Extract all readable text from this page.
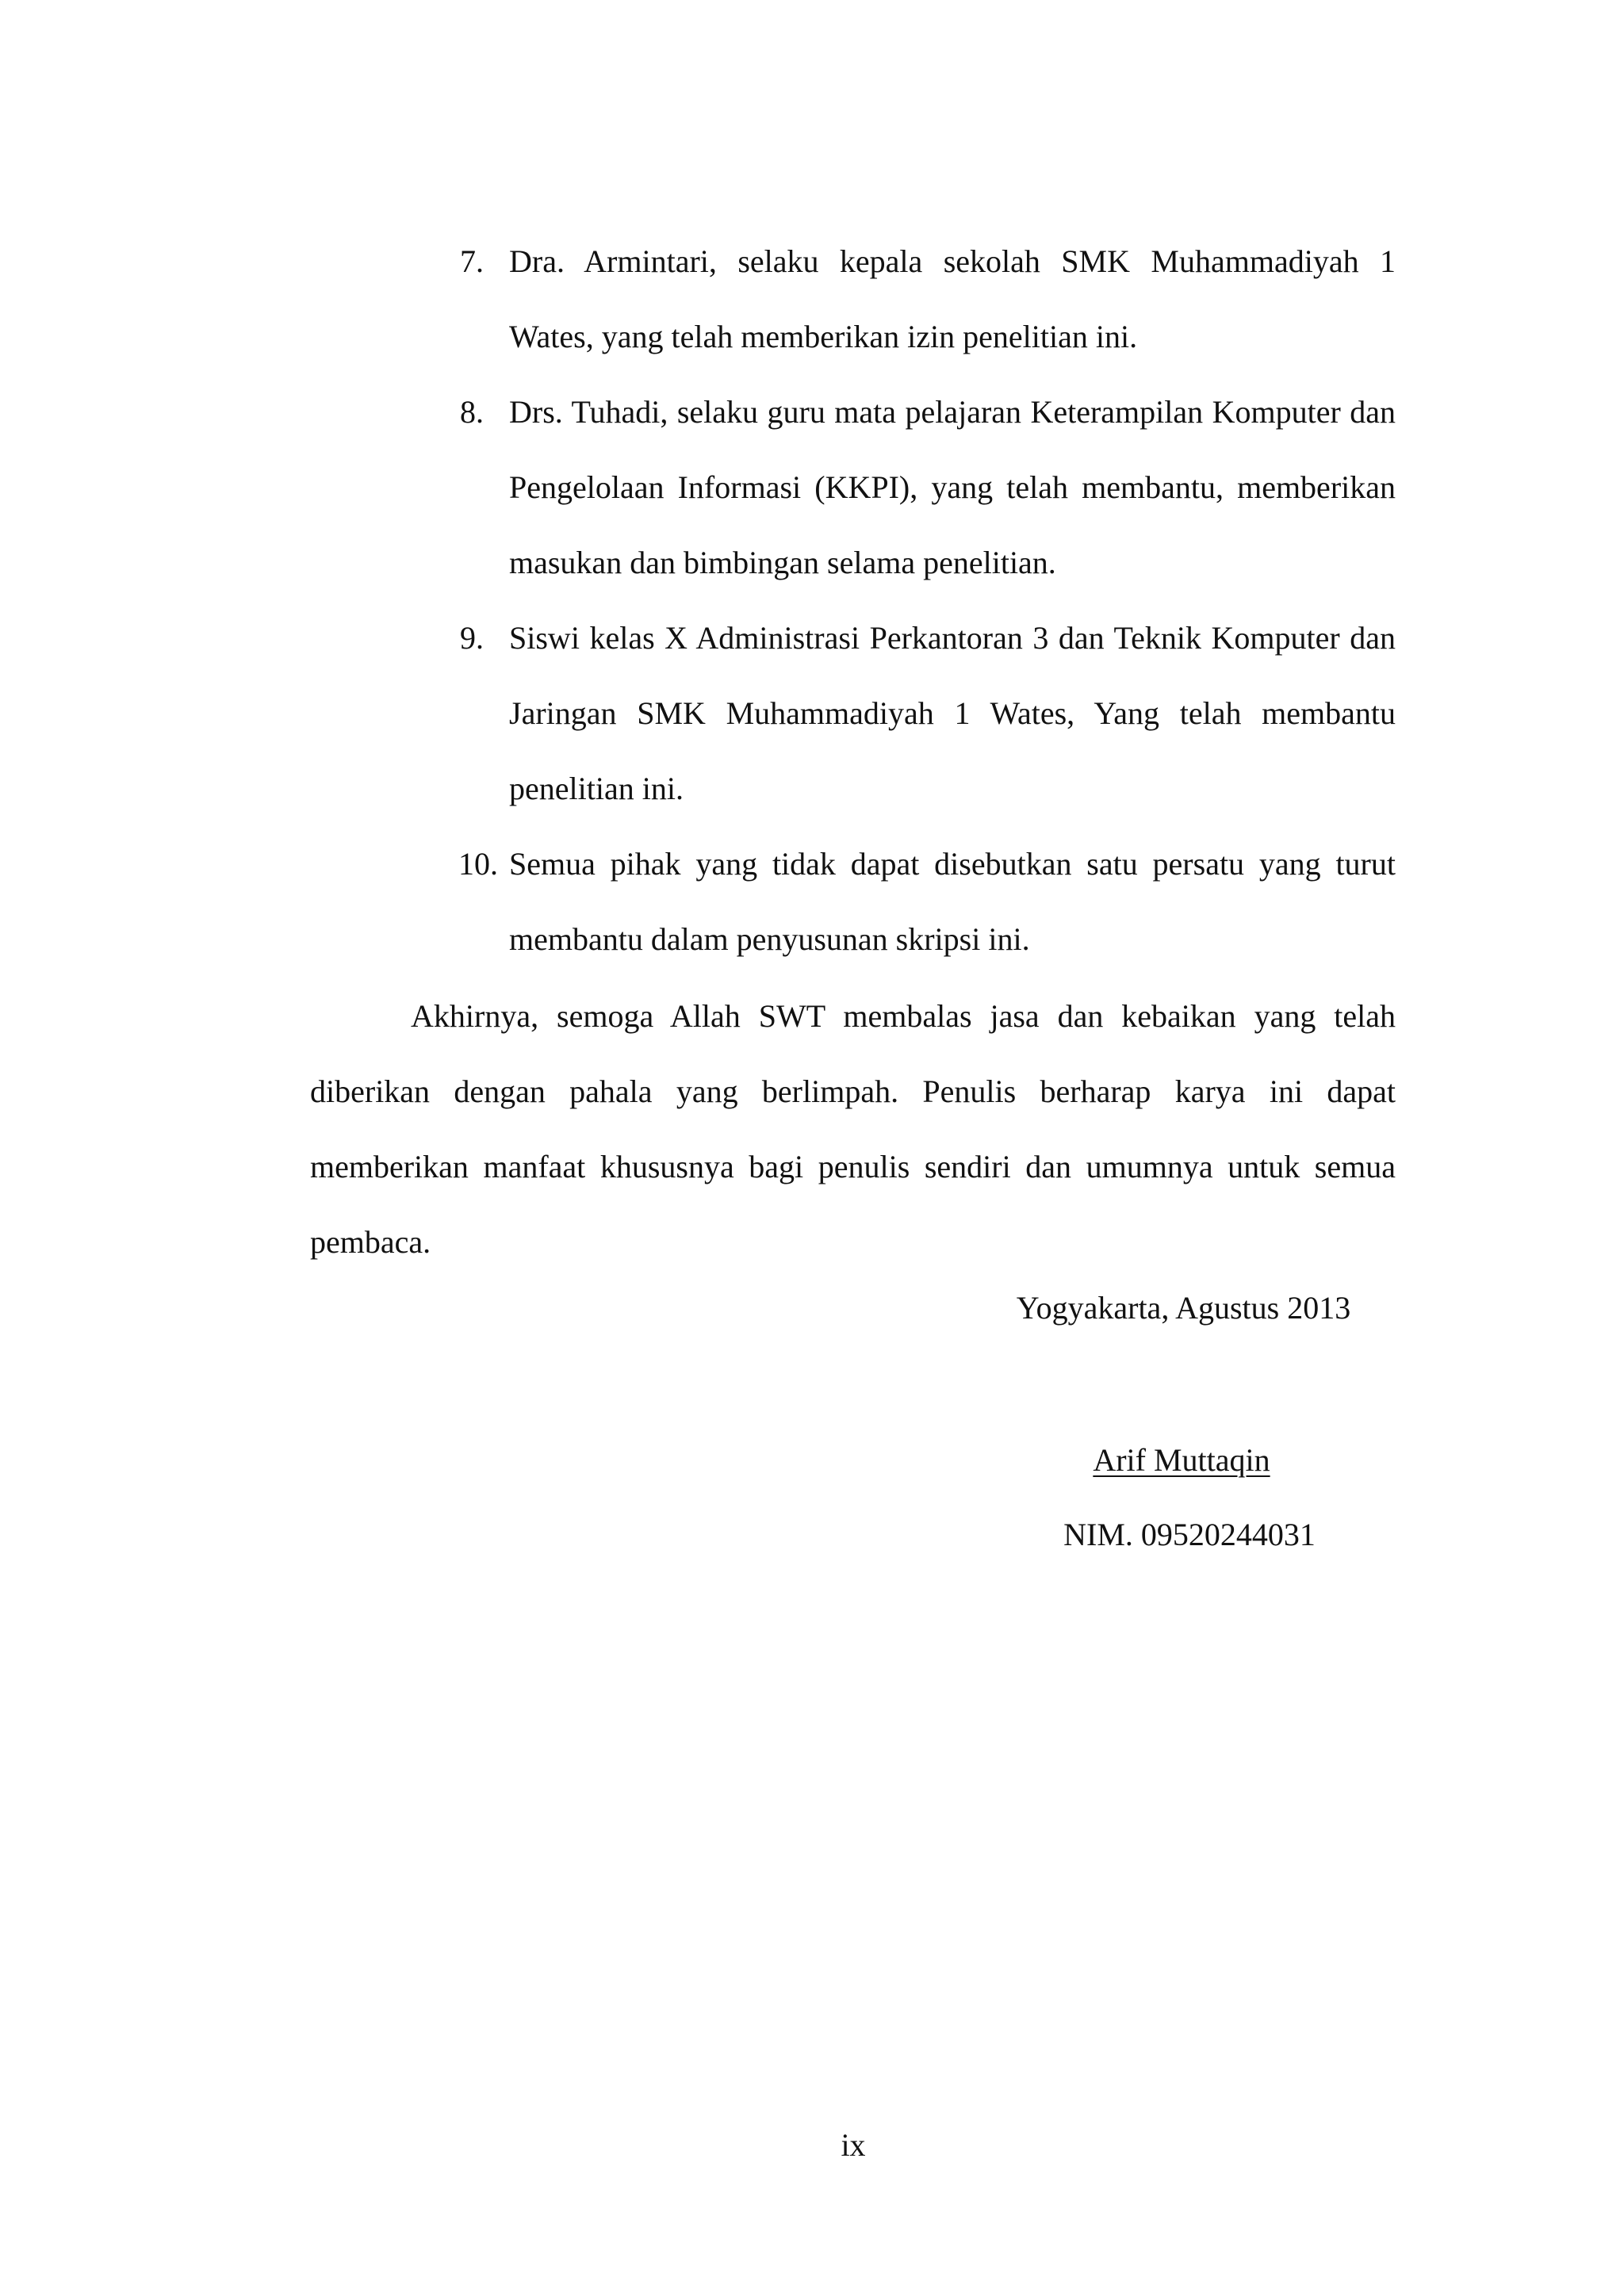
7. Dra. Armintari, selaku kepala sekolah SMK Muhammadiyah 1 Wates, yang telah memberikan izin penelitian ini.
8. Drs. Tuhadi, selaku guru mata pelajaran Keterampilan Komputer dan Pengelolaan Informasi (KKPI), yang telah membantu, memberikan masukan dan bimbingan selama penelitian.
9. Siswi kelas X Administrasi Perkantoran 3 dan Teknik Komputer dan Jaringan SMK Muhammadiyah 1 Wates, Yang telah membantu penelitian ini.
10. Semua pihak yang tidak dapat disebutkan satu persatu yang turut membantu dalam penyusunan skripsi ini.

Akhirnya, semoga Allah SWT membalas jasa dan kebaikan yang telah diberikan dengan pahala yang berlimpah. Penulis berharap karya ini dapat memberikan manfaat khususnya bagi penulis sendiri dan umumnya untuk semua pembaca.

Yogyakarta, Agustus 2013
Arif Muttaqin
NIM. 09520244031
ix
